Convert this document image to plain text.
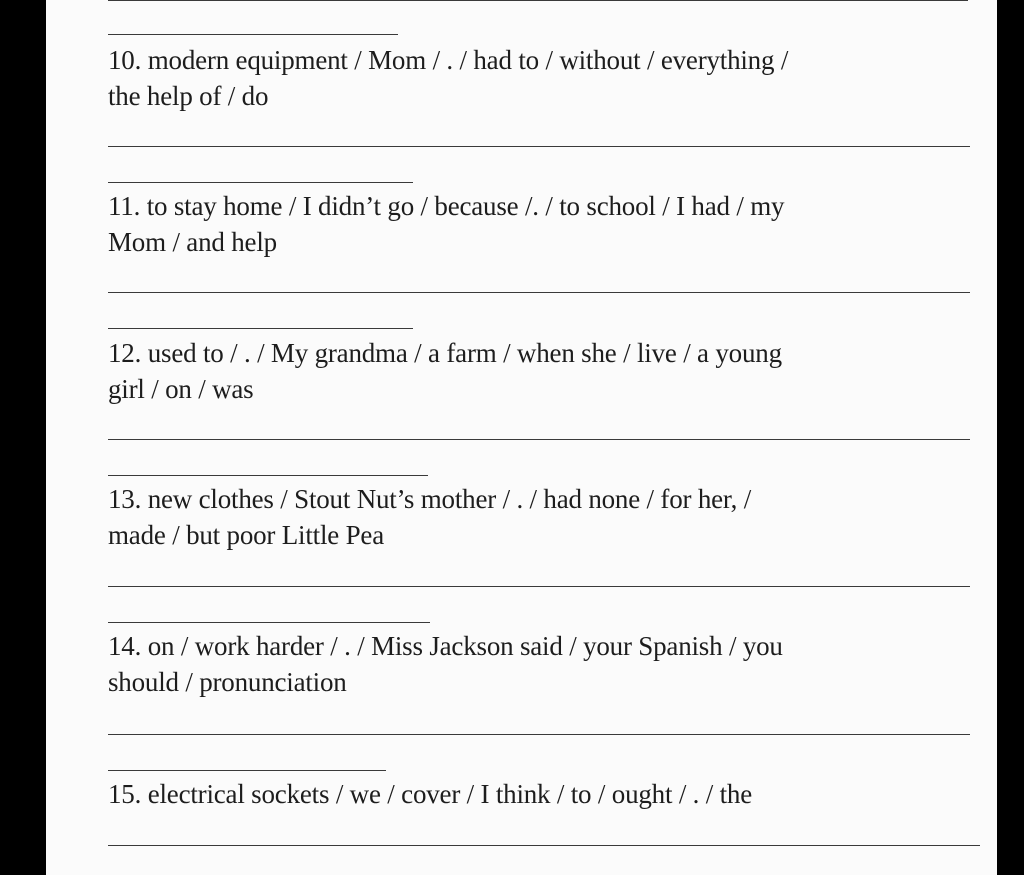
10. modern equipment / Mom / . / had to / without / everything /
the help of / do
11. to stay home / I didn’t go / because /. / to school / I had / my
Mom / and help
12. used to / . / My grandma / a farm / when she / live / a young
girl / on / was
13. new clothes / Stout Nut’s mother / . / had none / for her, /
made / but poor Little Pea
14. on / work harder / . / Miss Jackson said / your Spanish / you
should / pronunciation
15. electrical sockets / we / cover / I think / to / ought / . / the
